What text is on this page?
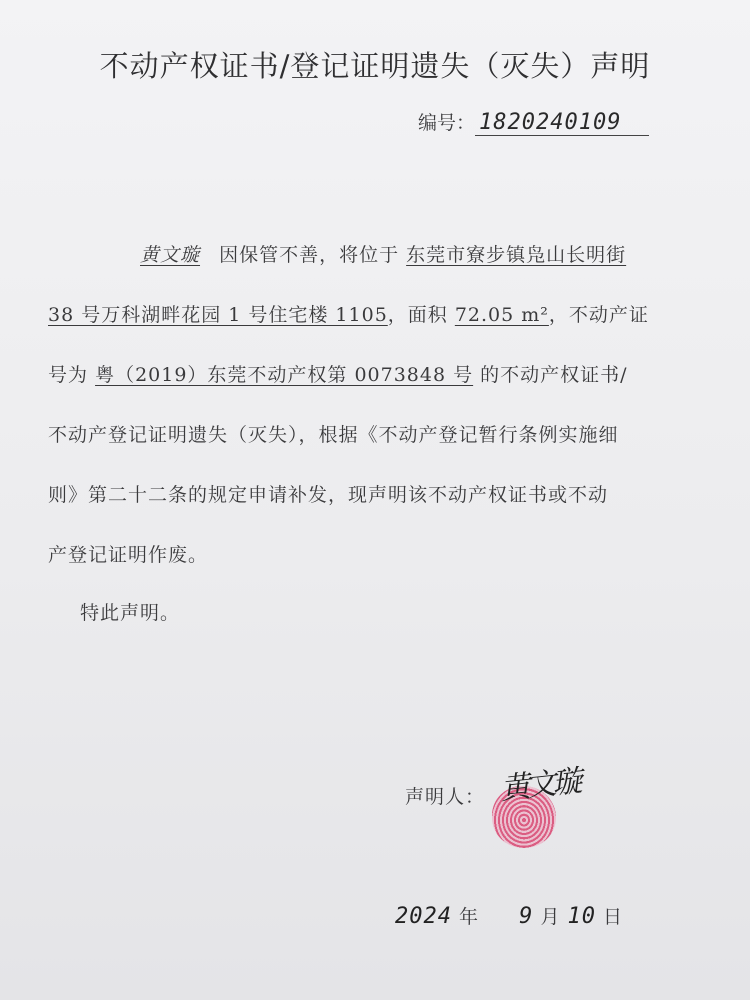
不动产权证书/登记证明遗失（灭失）声明
编号： 1820240109
黄文璇 因保管不善，将位于 东莞市寮步镇凫山长明街
38 号万科湖畔花园 1 号住宅楼 1105，面积 72.05 m²，不动产证
号为 粤（2019）东莞不动产权第 0073848 号 的不动产权证书/
不动产登记证明遗失（灭失），根据《不动产登记暂行条例实施细
则》第二十二条的规定申请补发，现声明该不动产权证书或不动
产登记证明作废。
特此声明。
声明人： 黄文璇
2024 年 9 月 10 日
